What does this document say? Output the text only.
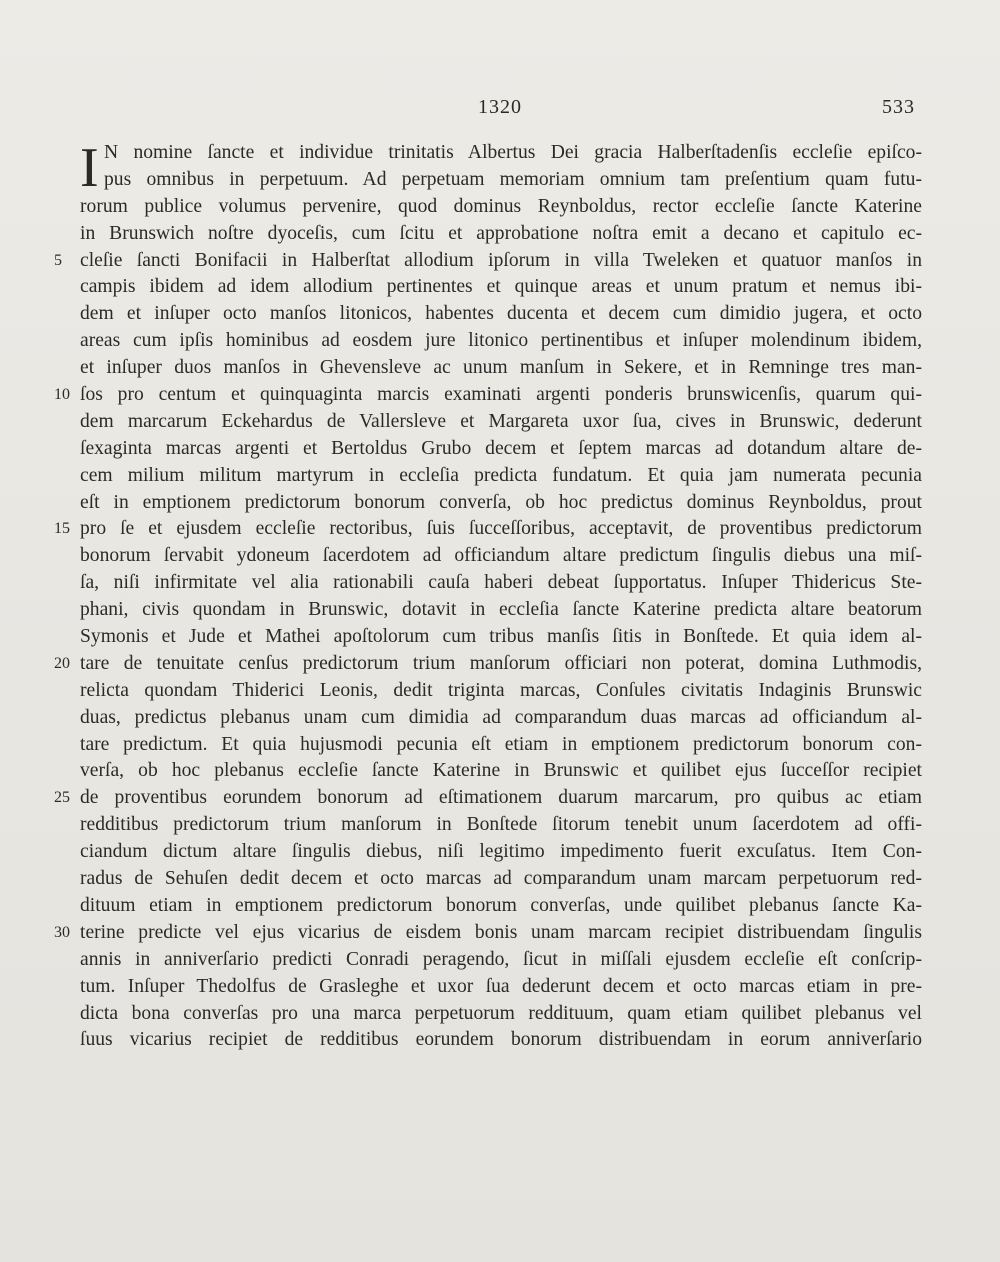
1320	533
I N nomine ſancte et individue trinitatis Albertus Dei gracia Halberſtadenſis eccleſie epiſco-
pus omnibus in perpetuum. Ad perpetuam memoriam omnium tam preſentium quam futu-
rorum publice volumus pervenire, quod dominus Reynboldus, rector eccleſie ſancte Katerine
in Brunswich noſtre dyoceſis, cum ſcitu et approbatione noſtra emit a decano et capitulo ec-
5 cleſie ſancti Bonifacii in Halberſtat allodium ipſorum in villa Tweleken et quatuor manſos in
campis ibidem ad idem allodium pertinentes et quinque areas et unum pratum et nemus ibi-
dem et inſuper octo manſos litonicos, habentes ducenta et decem cum dimidio jugera, et octo
areas cum ipſis hominibus ad eosdem jure litonico pertinentibus et inſuper molendinum ibidem,
et inſuper duos manſos in Ghevensleve ac unum manſum in Sekere, et in Remninge tres man-
10 ſos pro centum et quinquaginta marcis examinati argenti ponderis brunswicenſis, quarum qui-
dem marcarum Eckehardus de Vallersleve et Margareta uxor ſua, cives in Brunswic, dederunt
ſexaginta marcas argenti et Bertoldus Grubo decem et ſeptem marcas ad dotandum altare de-
cem milium militum martyrum in eccleſia predicta fundatum. Et quia jam numerata pecunia
eſt in emptionem predictorum bonorum converſa, ob hoc predictus dominus Reynboldus, prout
15 pro ſe et ejusdem eccleſie rectoribus, ſuis ſucceſſoribus, acceptavit, de proventibus predictorum
bonorum ſervabit ydoneum ſacerdotem ad officiandum altare predictum ſingulis diebus una miſ-
ſa, niſi infirmitate vel alia rationabili cauſa haberi debeat ſupportatus. Inſuper Thidericus Ste-
phani, civis quondam in Brunswic, dotavit in eccleſia ſancte Katerine predicta altare beatorum
Symonis et Jude et Mathei apoſtolorum cum tribus manſis ſitis in Bonſtede. Et quia idem al-
20 tare de tenuitate cenſus predictorum trium manſorum officiari non poterat, domina Luthmodis,
relicta quondam Thiderici Leonis, dedit triginta marcas, Conſules civitatis Indaginis Brunswic
duas, predictus plebanus unam cum dimidia ad comparandum duas marcas ad officiandum al-
tare predictum. Et quia hujusmodi pecunia eſt etiam in emptionem predictorum bonorum con-
verſa, ob hoc plebanus eccleſie ſancte Katerine in Brunswic et quilibet ejus ſucceſſor recipiet
25 de proventibus eorundem bonorum ad eſtimationem duarum marcarum, pro quibus ac etiam
redditibus predictorum trium manſorum in Bonſtede ſitorum tenebit unum ſacerdotem ad offi-
ciandum dictum altare ſingulis diebus, niſi legitimo impedimento fuerit excuſatus. Item Con-
radus de Sehuſen dedit decem et octo marcas ad comparandum unam marcam perpetuorum red-
dituum etiam in emptionem predictorum bonorum converſas, unde quilibet plebanus ſancte Ka-
30 terine predicte vel ejus vicarius de eisdem bonis unam marcam recipiet distribuendam ſingulis
annis in anniverſario predicti Conradi peragendo, ſicut in miſſali ejusdem eccleſie eſt conſcrip-
tum. Inſuper Thedolfus de Grasleghe et uxor ſua dederunt decem et octo marcas etiam in pre-
dicta bona converſas pro una marca perpetuorum reddituum, quam etiam quilibet plebanus vel
ſuus vicarius recipiet de redditibus eorundem bonorum distribuendam in eorum anniverſario
